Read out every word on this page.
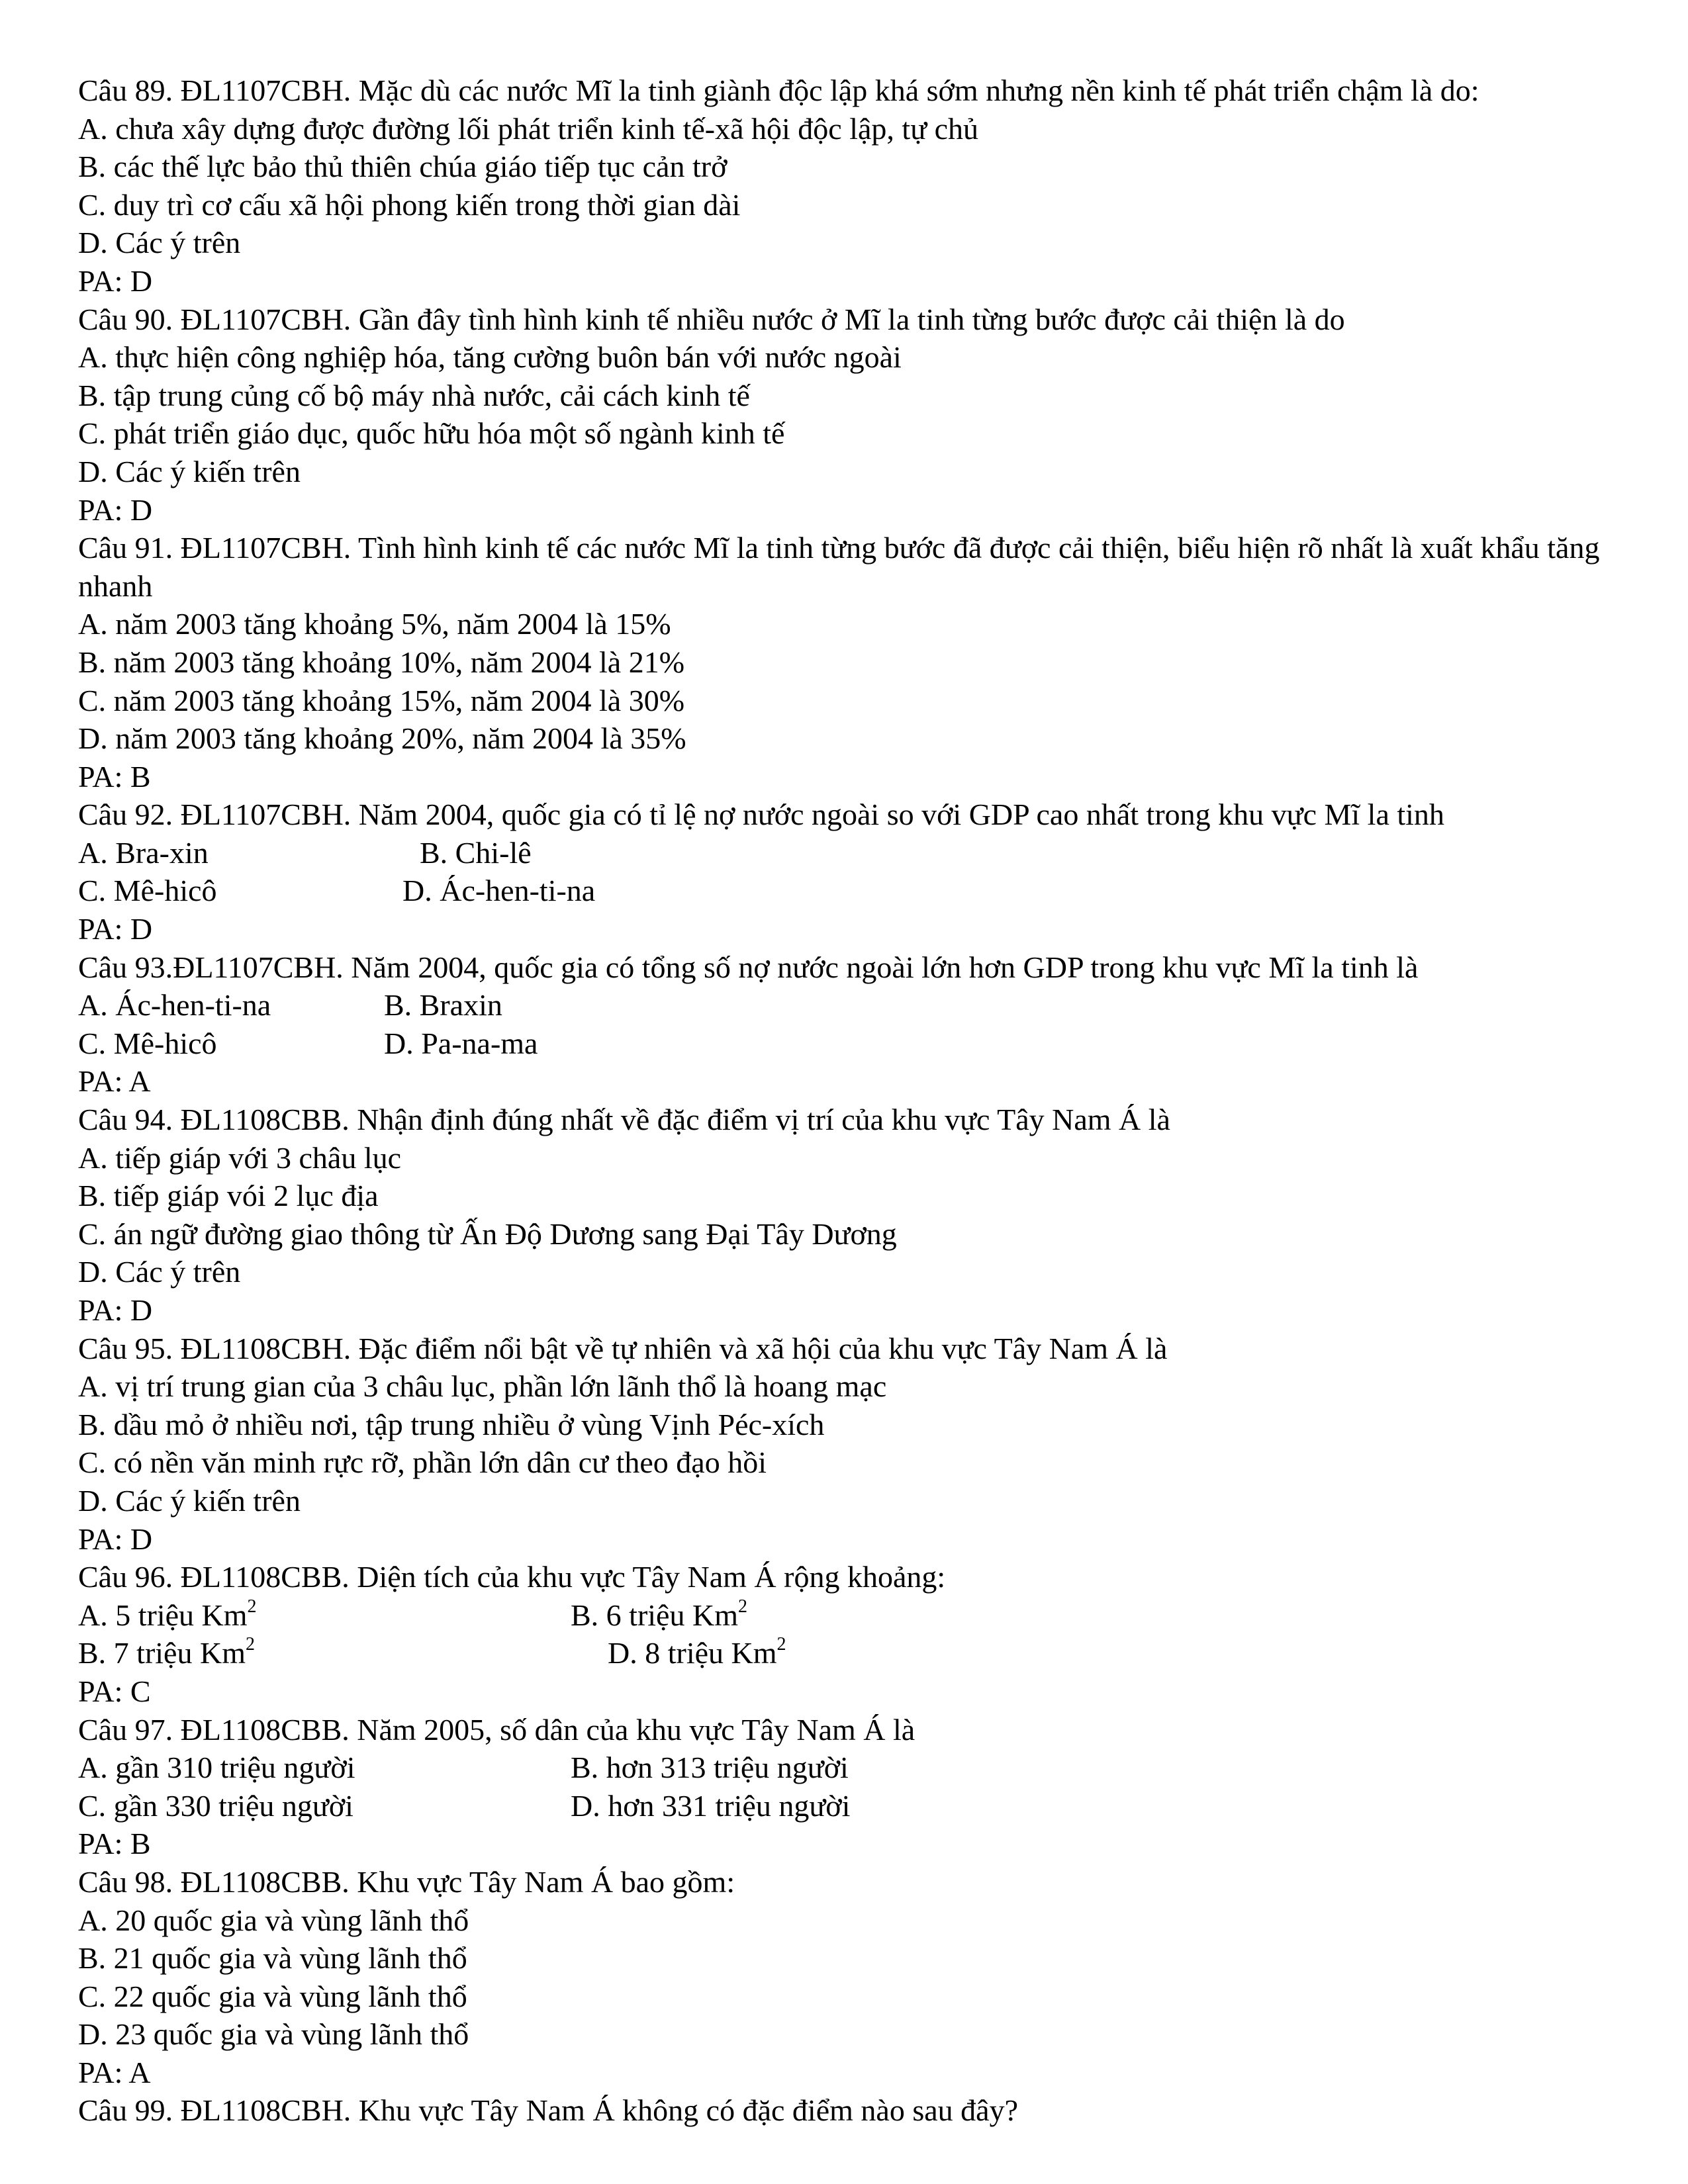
Câu 89. ĐL1107CBH. Mặc dù các nước Mĩ la tinh giành độc lập khá sớm nhưng nền kinh tế phát triển chậm là do:
A. chưa xây dựng được đường lối phát triển kinh tế-xã hội độc lập, tự chủ
B. các thế lực bảo thủ thiên chúa giáo tiếp tục cản trở
C. duy trì cơ cấu xã hội phong kiến trong thời gian dài
D. Các ý trên
PA: D
Câu 90. ĐL1107CBH. Gần đây tình hình kinh tế nhiều nước ở Mĩ la tinh từng bước được cải thiện là do
A. thực hiện công nghiệp hóa, tăng cường buôn bán với nước ngoài
B. tập trung củng cố bộ máy nhà nước, cải cách kinh tế
C. phát triển giáo dục, quốc hữu hóa một số ngành kinh tế
D. Các ý kiến trên
PA: D
Câu 91. ĐL1107CBH. Tình hình kinh tế các nước Mĩ la tinh từng bước đã được cải thiện, biểu hiện rõ nhất là xuất khẩu tăng nhanh
A. năm 2003 tăng khoảng 5%, năm 2004 là 15%
B. năm 2003 tăng khoảng 10%, năm 2004 là 21%
C. năm 2003 tăng khoảng 15%, năm 2004 là 30%
D. năm 2003 tăng khoảng 20%, năm 2004 là 35%
PA: B
Câu 92. ĐL1107CBH. Năm 2004, quốc gia có tỉ lệ nợ nước ngoài so với GDP cao nhất trong khu vực Mĩ la tinh
A. Bra-xin	B. Chi-lê
C. Mê-hicô	D. Ác-hen-ti-na
PA: D
Câu 93.ĐL1107CBH. Năm 2004, quốc gia có tổng số nợ nước ngoài lớn hơn GDP trong khu vực Mĩ la tinh là
A. Ác-hen-ti-na	B. Braxin
C. Mê-hicô	D. Pa-na-ma
PA: A
Câu 94. ĐL1108CBB. Nhận định đúng nhất về đặc điểm vị trí của khu vực Tây Nam Á là
A. tiếp giáp với 3 châu lục
B. tiếp giáp vói 2 lục địa
C. án ngữ đường giao thông từ Ấn Độ Dương sang Đại Tây Dương
D. Các ý trên
PA: D
Câu 95. ĐL1108CBH. Đặc điểm nổi bật về tự nhiên và xã hội của khu vực Tây Nam Á là
A. vị trí trung gian của 3 châu lục, phần lớn lãnh thổ là hoang mạc
B. dầu mỏ ở nhiều nơi, tập trung nhiều ở vùng Vịnh Péc-xích
C. có nền văn minh rực rỡ, phần lớn dân cư theo đạo hồi
D. Các ý kiến trên
PA: D
Câu 96. ĐL1108CBB. Diện tích của khu vực Tây Nam Á rộng khoảng:
A. 5 triệu Km$^2$	B. 6 triệu Km$^2$
B. 7 triệu Km$^2$	D. 8 triệu Km$^2$
PA: C
Câu 97. ĐL1108CBB. Năm 2005, số dân của khu vực Tây Nam Á là
A. gần 310 triệu người	B. hơn 313 triệu người
C. gần 330 triệu người	D. hơn 331 triệu người
PA: B
Câu 98. ĐL1108CBB. Khu vực Tây Nam Á bao gồm:
A. 20 quốc gia và vùng lãnh thổ
B. 21 quốc gia và vùng lãnh thổ
C. 22 quốc gia và vùng lãnh thổ
D. 23 quốc gia và vùng lãnh thổ
PA: A
Câu 99. ĐL1108CBH. Khu vực Tây Nam Á không có đặc điểm nào sau đây?
